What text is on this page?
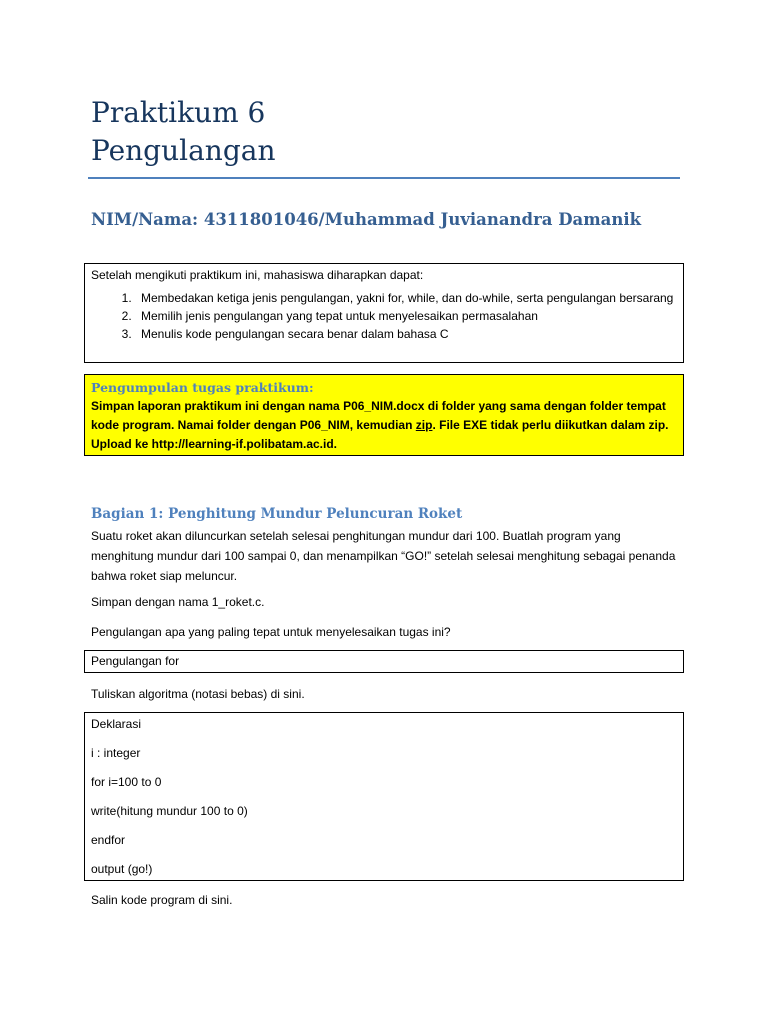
Praktikum 6
Pengulangan

NIM/Nama: 4311801046/Muhammad Juvianandra Damanik

Setelah mengikuti praktikum ini, mahasiswa diharapkan dapat:

1. Membedakan ketiga jenis pengulangan, yakni for, while, dan do-while, serta pengulangan bersarang
2. Memilih jenis pengulangan yang tepat untuk menyelesaikan permasalahan
3. Menulis kode pengulangan secara benar dalam bahasa C
Pengumpulan tugas praktikum:
Simpan laporan praktikum ini dengan nama P06_NIM.docx di folder yang sama dengan folder tempat kode program. Namai folder dengan P06_NIM, kemudian zip. File EXE tidak perlu diikutkan dalam zip. Upload ke http://learning-if.polibatam.ac.id.
Bagian 1: Penghitung Mundur Peluncuran Roket

Suatu roket akan diluncurkan setelah selesai penghitungan mundur dari 100. Buatlah program yang menghitung mundur dari 100 sampai 0, dan menampilkan “GO!” setelah selesai menghitung sebagai penanda bahwa roket siap meluncur.

Simpan dengan nama 1_roket.c.

Pengulangan apa yang paling tepat untuk menyelesaikan tugas ini?

Pengulangan for

Tuliskan algoritma (notasi bebas) di sini.

Deklarasi
i : integer
for i=100 to 0
write(hitung mundur 100 to 0)
endfor
output (go!)

Salin kode program di sini.
